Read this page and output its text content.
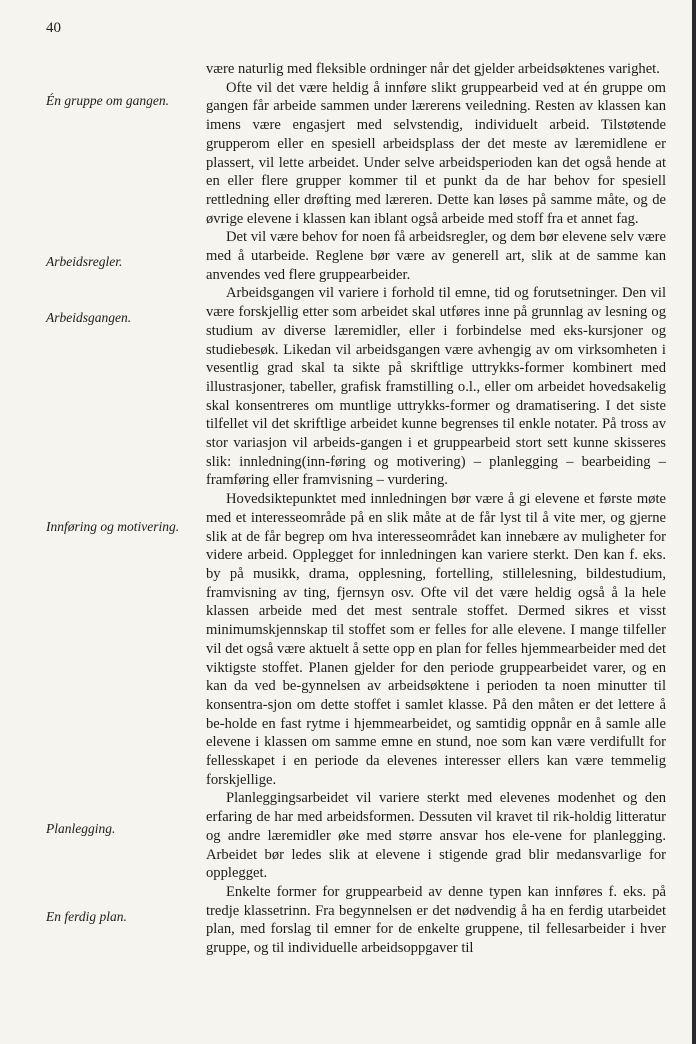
40
Én gruppe om gangen.
Arbeidsregler.
Arbeidsgangen.
Innføring og motivering.
Planlegging.
En ferdig plan.

være naturlig med fleksible ordninger når det gjelder arbeidsøktenes varighet.

Ofte vil det være heldig å innføre slikt gruppearbeid ved at én gruppe om gangen får arbeide sammen under lærerens veiledning. Resten av klassen kan imens være engasjert med selvstendig, individuelt arbeid. Tilstøtende grupperom eller en spesiell arbeidsplass der det meste av læremidlene er plassert, vil lette arbeidet. Under selve arbeidsperioden kan det også hende at en eller flere grupper kommer til et punkt da de har behov for spesiell rettledning eller drøfting med læreren. Dette kan løses på samme måte, og de øvrige elevene i klassen kan iblant også arbeide med stoff fra et annet fag.

Det vil være behov for noen få arbeidsregler, og dem bør elevene selv være med å utarbeide. Reglene bør være av generell art, slik at de samme kan anvendes ved flere gruppearbeider.

Arbeidsgangen vil variere i forhold til emne, tid og forutsetninger. Den vil være forskjellig etter som arbeidet skal utføres inne på grunnlag av lesning og studium av diverse læremidler, eller i forbindelse med eks-kursjoner og studiebesøk. Likedan vil arbeidsgangen være avhengig av om virksomheten i vesentlig grad skal ta sikte på skriftlige uttrykks-former kombinert med illustrasjoner, tabeller, grafisk framstilling o.l., eller om arbeidet hovedsakelig skal konsentreres om muntlige uttrykks-former og dramatisering. I det siste tilfellet vil det skriftlige arbeidet kunne begrenses til enkle notater. På tross av stor variasjon vil arbeids-gangen i et gruppearbeid stort sett kunne skisseres slik: innledning(inn-føring og motivering) – planlegging – bearbeiding – framføring eller framvisning – vurdering.

Hovedsiktepunktet med innledningen bør være å gi elevene et første møte med et interesseområde på en slik måte at de får lyst til å vite mer, og gjerne slik at de får begrep om hva interesseområdet kan innebære av muligheter for videre arbeid. Opplegget for innledningen kan variere sterkt. Den kan f. eks. by på musikk, drama, opplesning, fortelling, stillelesning, bildestudium, framvisning av ting, fjernsyn osv. Ofte vil det være heldig også å la hele klassen arbeide med det mest sentrale stoffet. Dermed sikres et visst minimumskjennskap til stoffet som er felles for alle elevene. I mange tilfeller vil det også være aktuelt å sette opp en plan for felles hjemmearbeider med det viktigste stoffet. Planen gjelder for den periode gruppearbeidet varer, og en kan da ved be-gynnelsen av arbeidsøktene i perioden ta noen minutter til konsentra-sjon om dette stoffet i samlet klasse. På den måten er det lettere å be-holde en fast rytme i hjemmearbeidet, og samtidig oppnår en å samle alle elevene i klassen om samme emne en stund, noe som kan være verdifullt for fellesskapet i en periode da elevenes interesser ellers kan være temmelig forskjellige.

Planleggingsarbeidet vil variere sterkt med elevenes modenhet og den erfaring de har med arbeidsformen. Dessuten vil kravet til rik-holdig litteratur og andre læremidler øke med større ansvar hos ele-vene for planlegging. Arbeidet bør ledes slik at elevene i stigende grad blir medansvarlige for opplegget.

Enkelte former for gruppearbeid av denne typen kan innføres f. eks. på tredje klassetrinn. Fra begynnelsen er det nødvendig å ha en ferdig utarbeidet plan, med forslag til emner for de enkelte gruppene, til fellesarbeider i hver gruppe, og til individuelle arbeidsoppgaver til
